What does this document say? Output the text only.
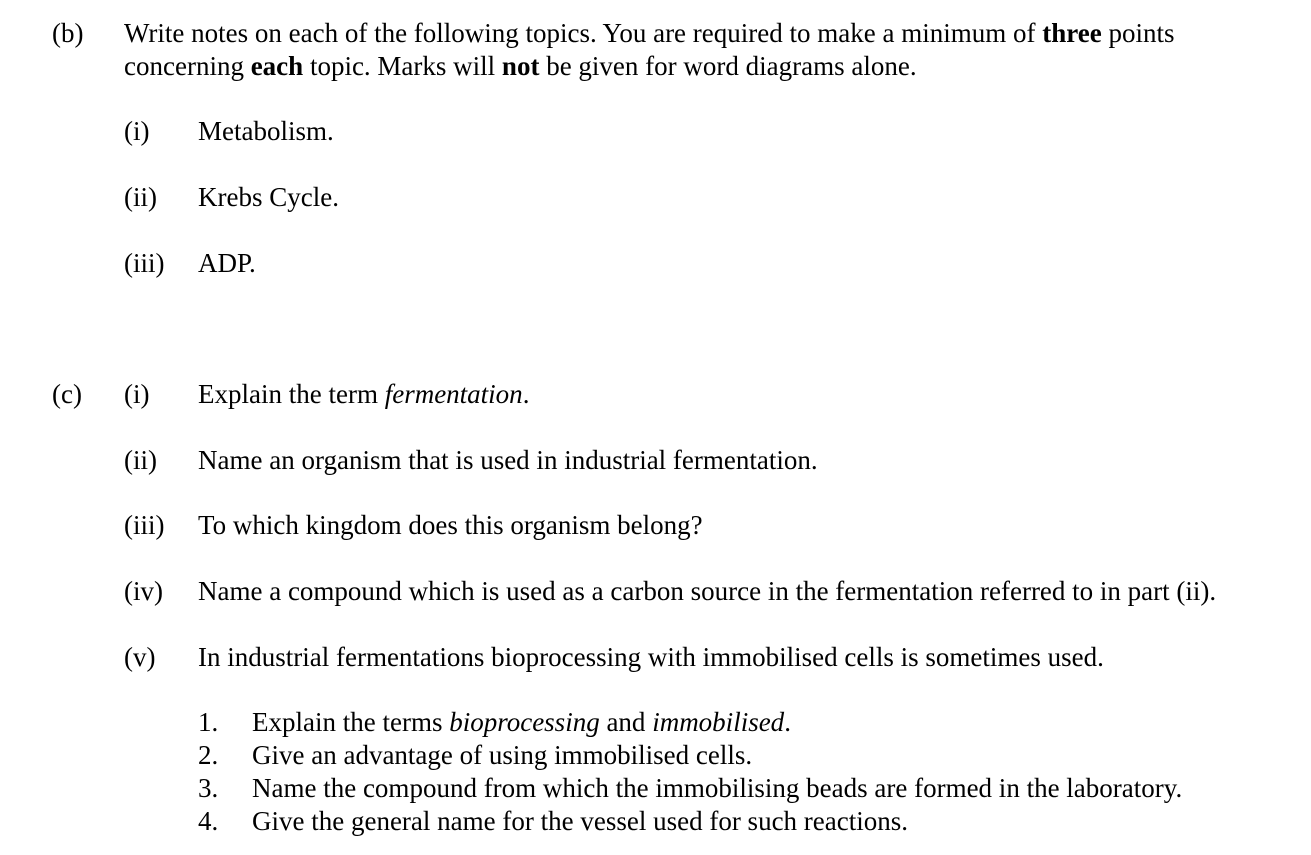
(b) Write notes on each of the following topics. You are required to make a minimum of three points
concerning each topic. Marks will not be given for word diagrams alone.
(i) Metabolism.
(ii) Krebs Cycle.
(iii) ADP.
(c) (i) Explain the term fermentation.
(ii) Name an organism that is used in industrial fermentation.
(iii) To which kingdom does this organism belong?
(iv) Name a compound which is used as a carbon source in the fermentation referred to in part (ii).
(v) In industrial fermentations bioprocessing with immobilised cells is sometimes used.
1. Explain the terms bioprocessing and immobilised.
2. Give an advantage of using immobilised cells.
3. Name the compound from which the immobilising beads are formed in the laboratory.
4. Give the general name for the vessel used for such reactions.
